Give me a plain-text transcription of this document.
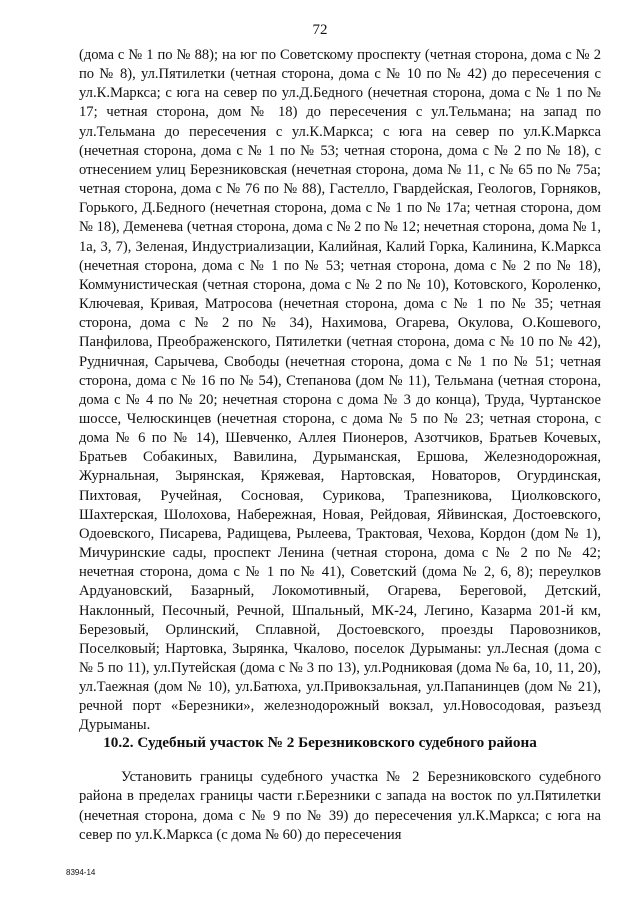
72

(дома с № 1 по № 88); на юг по Советскому проспекту (четная сторона, дома с № 2 по № 8), ул.Пятилетки (четная сторона, дома с № 10 по № 42) до пересечения с ул.К.Маркса; с юга на север по ул.Д.Бедного (нечетная сторона, дома с № 1 по № 17; четная сторона, дом № 18) до пересечения с ул.Тельмана; на запад по ул.Тельмана до пересечения с ул.К.Маркса; с юга на север по ул.К.Маркса (нечетная сторона, дома с № 1 по № 53; четная сторона, дома с № 2 по № 18), с отнесением улиц Березниковская (нечетная сторона, дома № 11, с № 65 по № 75а; четная сторона, дома с № 76 по № 88), Гастелло, Гвардейская, Геологов, Горняков, Горького, Д.Бедного (нечетная сторона, дома с № 1 по № 17а; четная сторона, дом № 18), Деменева (четная сторона, дома с № 2 по № 12; нечетная сторона, дома № 1, 1а, 3, 7), Зеленая, Индустриализации, Калийная, Калий Горка, Калинина, К.Маркса (нечетная сторона, дома с № 1 по № 53; четная сторона, дома с № 2 по № 18), Коммунистическая (четная сторона, дома с № 2 по № 10), Котовского, Короленко, Ключевая, Кривая, Матросова (нечетная сторона, дома с № 1 по № 35; четная сторона, дома с № 2 по № 34), Нахимова, Огарева, Окулова, О.Кошевого, Панфилова, Преображенского, Пятилетки (четная сторона, дома с № 10 по № 42), Рудничная, Сарычева, Свободы (нечетная сторона, дома с № 1 по № 51; четная сторона, дома с № 16 по № 54), Степанова (дом № 11), Тельмана (четная сторона, дома с № 4 по № 20; нечетная сторона с дома № 3 до конца), Труда, Чуртанское шоссе, Челюскинцев (нечетная сторона, с дома № 5 по № 23; четная сторона, с дома № 6 по № 14), Шевченко, Аллея Пионеров, Азотчиков, Братьев Кочевых, Братьев Собакиных, Вавилина, Дурыманская, Ершова, Железнодорожная, Журнальная, Зырянская, Кряжевая, Нартовская, Новаторов, Огурдинская, Пихтовая, Ручейная, Сосновая, Сурикова, Трапезникова, Циолковского, Шахтерская, Шолохова, Набережная, Новая, Рейдовая, Яйвинская, Достоевского, Одоевского, Писарева, Радищева, Рылеева, Трактовая, Чехова, Кордон (дом № 1), Мичуринские сады, проспект Ленина (четная сторона, дома с № 2 по № 42; нечетная сторона, дома с № 1 по № 41), Советский (дома № 2, 6, 8); переулков Ардуановский, Базарный, Локомотивный, Огарева, Береговой, Детский, Наклонный, Песочный, Речной, Шпальный, МК-24, Легино, Казарма 201-й км, Березовый, Орлинский, Сплавной, Достоевского, проезды Паровозников, Поселковый; Нартовка, Зырянка, Чкалово, поселок Дурыманы: ул.Лесная (дома с № 5 по 11), ул.Путейская (дома с № 3 по 13), ул.Родниковая (дома № 6а, 10, 11, 20), ул.Таежная (дом № 10), ул.Батюха, ул.Привокзальная, ул.Папанинцев (дом № 21), речной порт «Березники», железнодорожный вокзал, ул.Новосодовая, разъезд Дурыманы.

10.2. Судебный участок № 2 Березниковского судебного района

Установить границы судебного участка № 2 Березниковского судебного района в пределах границы части г.Березники с запада на восток по ул.Пятилетки (нечетная сторона, дома с № 9 по № 39) до пересечения ул.К.Маркса; с юга на север по ул.К.Маркса (с дома № 60) до пересечения

8394-14
